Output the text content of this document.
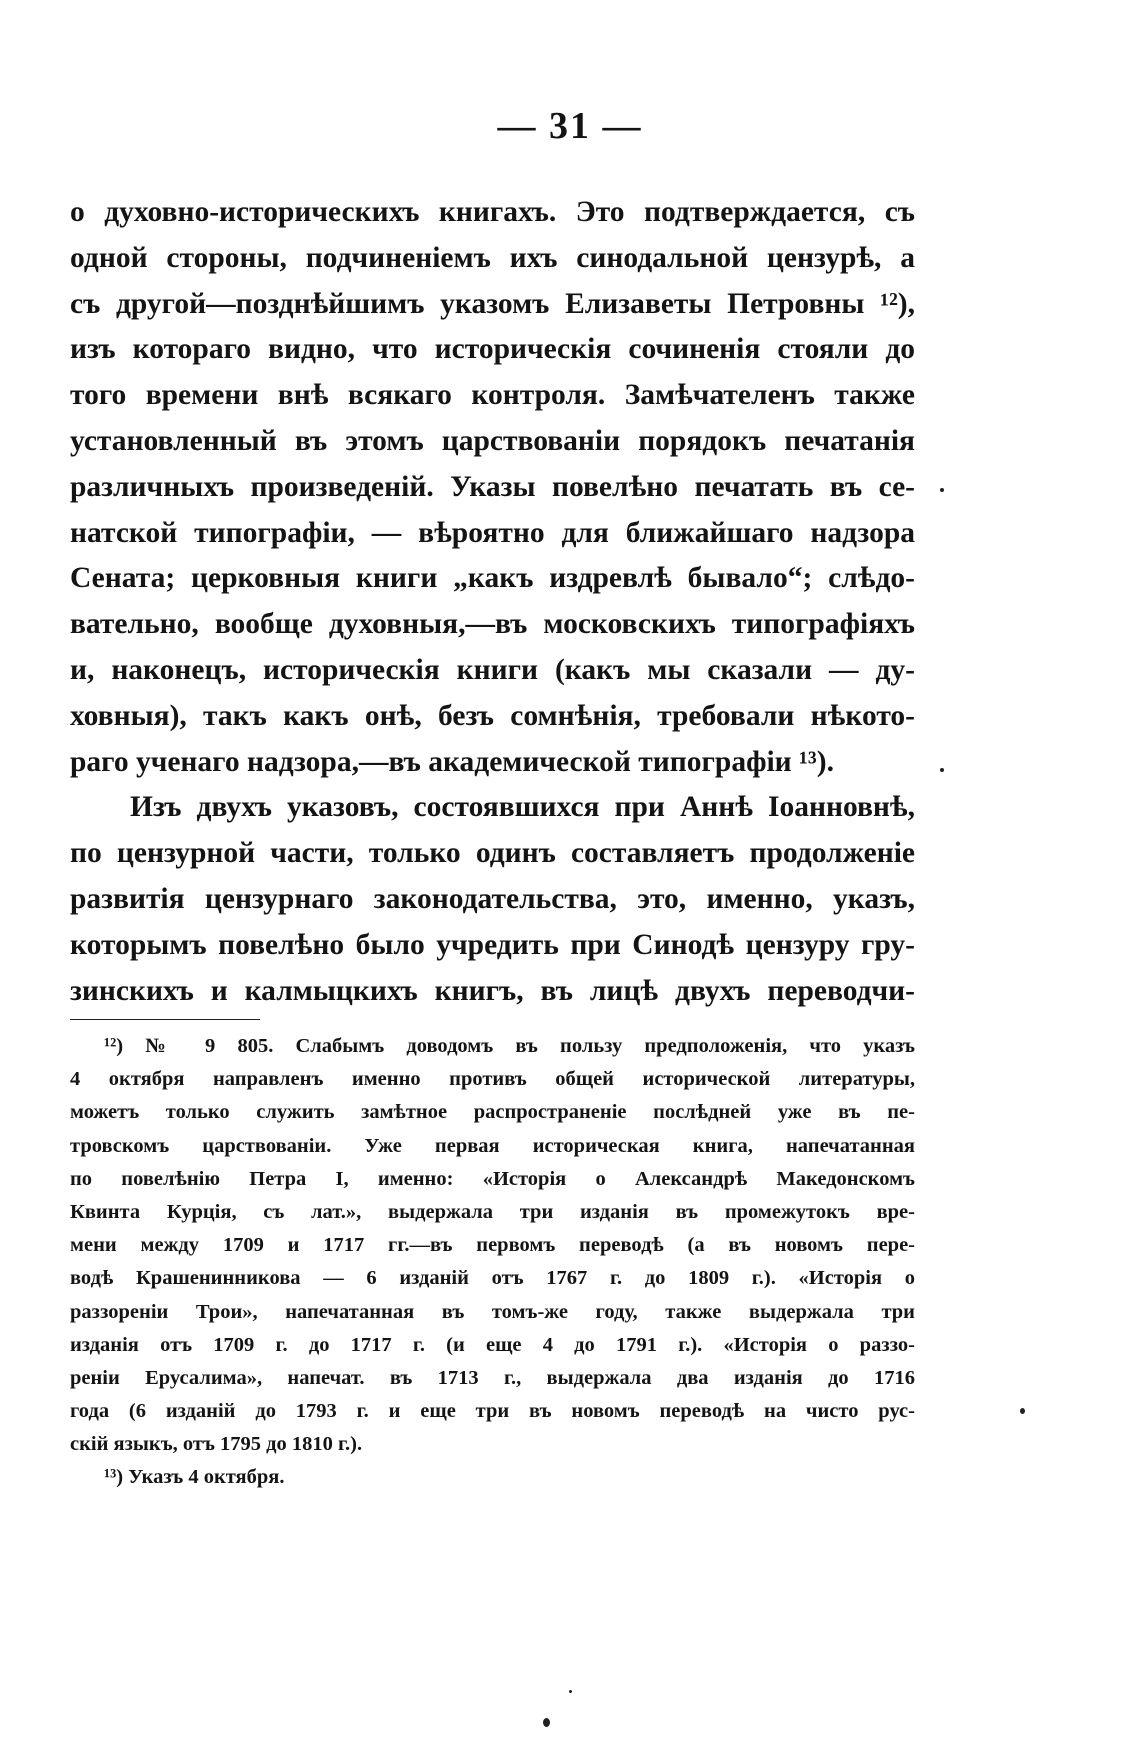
— 31 —
о духовно-историческихъ книгахъ. Это подтверждается, съ
одной стороны, подчиненіемъ ихъ синодальной цензурѣ, а
съ другой—позднѣйшимъ указомъ Елизаветы Петровны ¹²),
изъ котораго видно, что историческія сочиненія стояли до
того времени внѣ всякаго контроля. Замѣчателенъ также
установленный въ этомъ царствованіи порядокъ печатанія
различныхъ произведеній. Указы повелѣно печатать въ се-
натской типографіи, — вѣроятно для ближайшаго надзора
Сената; церковныя книги „какъ издревлѣ бывало“; слѣдо-
вательно, вообще духовныя,—въ московскихъ типографіяхъ
и, наконецъ, историческія книги (какъ мы сказали — ду-
ховныя), такъ какъ онѣ, безъ сомнѣнія, требовали нѣкото-
раго ученаго надзора,—въ академической типографіи ¹³).
Изъ двухъ указовъ, состоявшихся при Аннѣ Іоанновнѣ,
по цензурной части, только одинъ составляетъ продолженіе
развитія цензурнаго законодательства, это, именно, указъ,
которымъ повелѣно было учредить при Синодѣ цензуру гру-
зинскихъ и калмыцкихъ книгъ, въ лицѣ двухъ переводчи-
¹²) № 9 805. Слабымъ доводомъ въ пользу предположенія, что указъ
4 октября направленъ именно противъ общей исторической литературы,
можетъ только служить замѣтное распространеніе послѣдней уже въ пе-
тровскомъ царствованіи. Уже первая историческая книга, напечатанная
по повелѣнію Петра I, именно: «Исторія о Александрѣ Македонскомъ
Квинта Курція, съ лат.», выдержала три изданія въ промежутокъ вре-
мени между 1709 и 1717 гг.—въ первомъ переводѣ (а въ новомъ пере-
водѣ Крашенинникова — 6 изданій отъ 1767 г. до 1809 г.). «Исторія о
раззореніи Трои», напечатанная въ томъ-же году, также выдержала три
изданія отъ 1709 г. до 1717 г. (и еще 4 до 1791 г.). «Исторія о раззо-
реніи Ерусалима», напечат. въ 1713 г., выдержала два изданія до 1716
года (6 изданій до 1793 г. и еще три въ новомъ переводѣ на чисто рус-
скій языкъ, отъ 1795 до 1810 г.).
¹³) Указъ 4 октября.
